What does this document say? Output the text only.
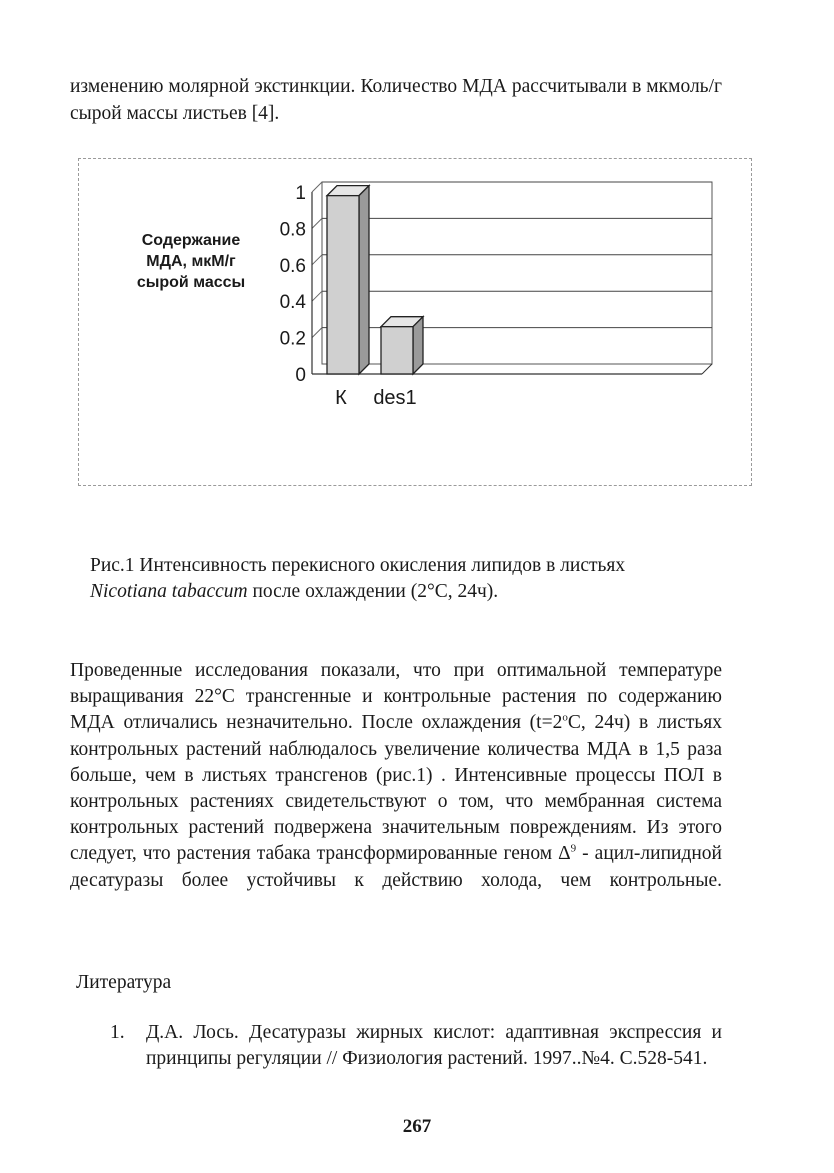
изменению молярной экстинкции. Количество МДА рассчитывали в мкмоль/г сырой массы листьев [4].
0
0.2
0.4
0.6
0.8
1
К des1
Содержание
МДА, мкМ/г
сырой массы
Рис.1 Интенсивность перекисного окисления липидов в листьях
Nicotiana tabaccum после охлаждении (2°С, 24ч).
Проведенные исследования показали, что при оптимальной температуре выращивания 22°С трансгенные и контрольные растения по содержанию МДА отличались незначительно. После охлаждения ($t=2^oС$, 24ч) в листьях контрольных растений наблюдалось увеличение количества МДА в 1,5 раза больше, чем в листьях трансгенов (рис.1) . Интенсивные процессы ПОЛ в контрольных растениях свидетельствуют о том, что мембранная система контрольных растений подвержена значительным повреждениям. Из этого следует, что растения табака трансформированные геном $\Delta^9$ - ацил-липидной десатуразы более устойчивы к действию холода, чем контрольные.
Литература
1. Д.А. Лось. Десатуразы жирных кислот: адаптивная экспрессия и принципы регуляции // Физиология растений. 1997..№4. С.528-541.
267
